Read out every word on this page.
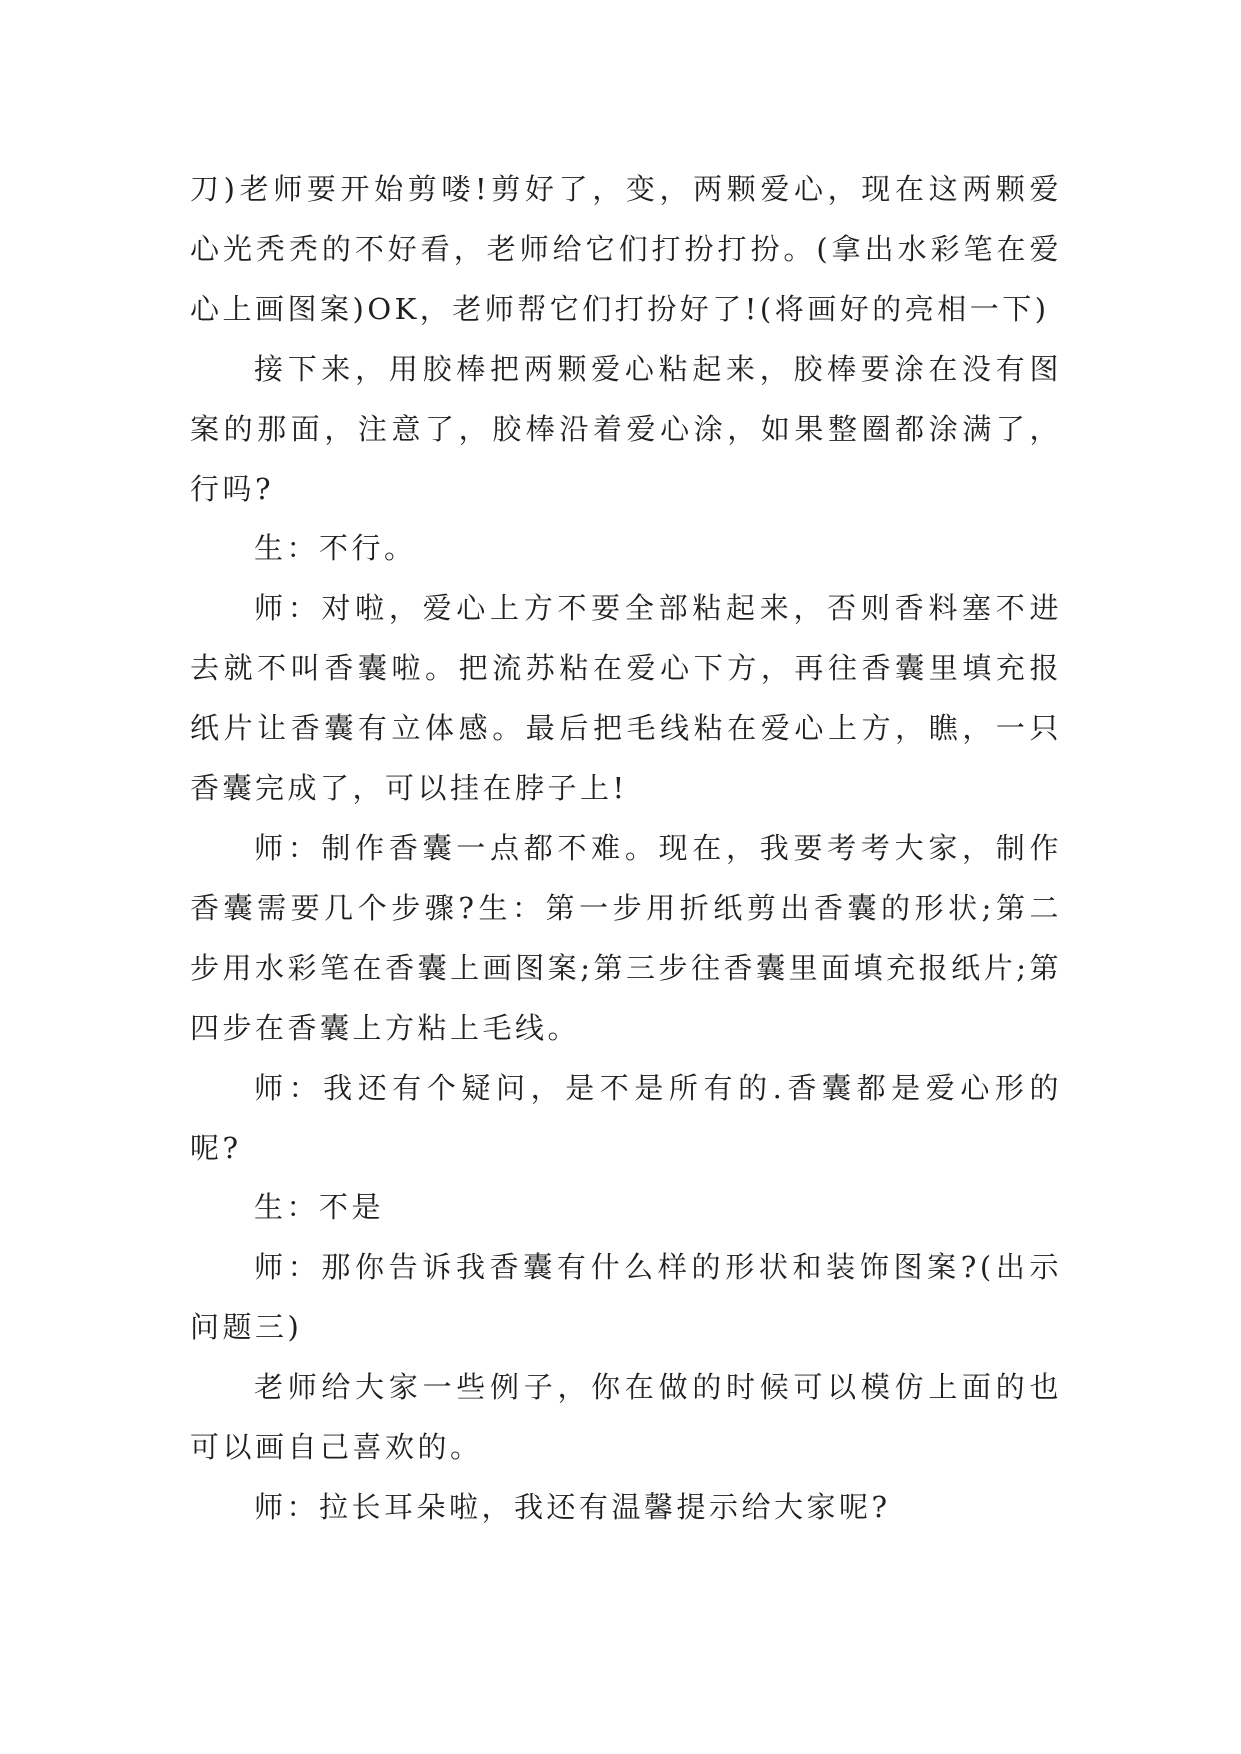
刀)老师要开始剪喽!剪好了，变，两颗爱心，现在这两颗爱心光秃秃的不好看，老师给它们打扮打扮。(拿出水彩笔在爱心上画图案)OK，老师帮它们打扮好了!(将画好的亮相一下)

接下来，用胶棒把两颗爱心粘起来，胶棒要涂在没有图案的那面，注意了，胶棒沿着爱心涂，如果整圈都涂满了，行吗?

生：不行。

师：对啦，爱心上方不要全部粘起来，否则香料塞不进去就不叫香囊啦。把流苏粘在爱心下方，再往香囊里填充报纸片让香囊有立体感。最后把毛线粘在爱心上方，瞧，一只香囊完成了，可以挂在脖子上!

师：制作香囊一点都不难。现在，我要考考大家，制作香囊需要几个步骤?生：第一步用折纸剪出香囊的形状;第二步用水彩笔在香囊上画图案;第三步往香囊里面填充报纸片;第四步在香囊上方粘上毛线。

师：我还有个疑问，是不是所有的.香囊都是爱心形的呢?

生：不是

师：那你告诉我香囊有什么样的形状和装饰图案?(出示问题三)

老师给大家一些例子，你在做的时候可以模仿上面的也可以画自己喜欢的。

师：拉长耳朵啦，我还有温馨提示给大家呢?
